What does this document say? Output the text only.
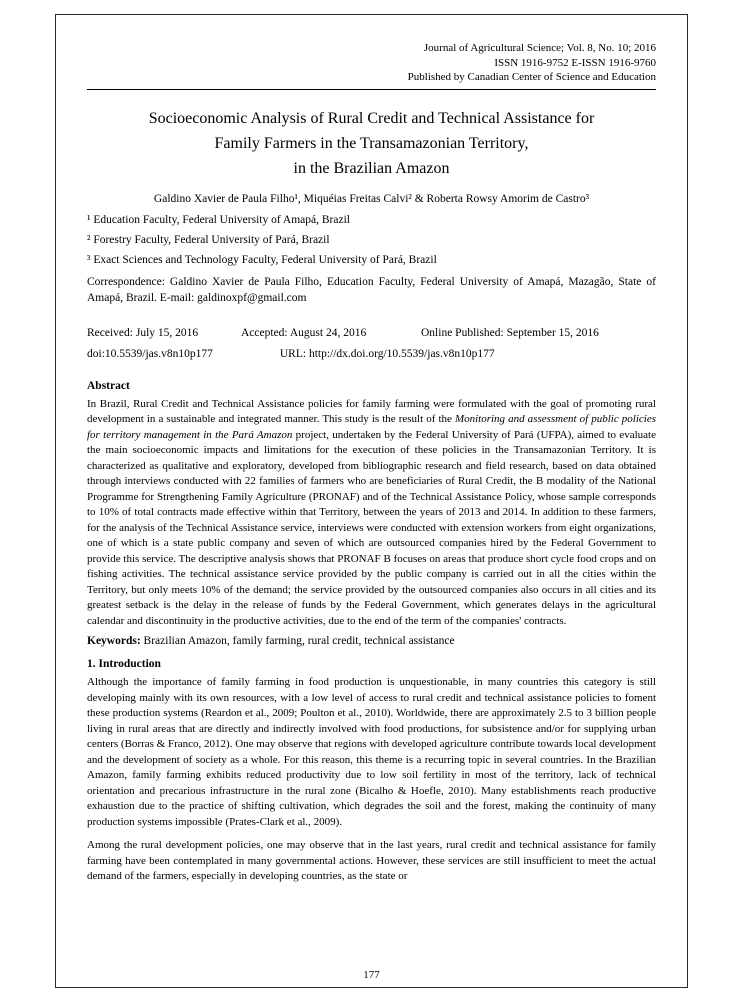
Journal of Agricultural Science; Vol. 8, No. 10; 2016
ISSN 1916-9752 E-ISSN 1916-9760
Published by Canadian Center of Science and Education
Socioeconomic Analysis of Rural Credit and Technical Assistance for
Family Farmers in the Transamazonian Territory,
in the Brazilian Amazon
Galdino Xavier de Paula Filho¹, Miquéias Freitas Calvi² & Roberta Rowsy Amorim de Castro³
¹ Education Faculty, Federal University of Amapá, Brazil
² Forestry Faculty, Federal University of Pará, Brazil
³ Exact Sciences and Technology Faculty, Federal University of Pará, Brazil

Correspondence: Galdino Xavier de Paula Filho, Education Faculty, Federal University of Amapá, Mazagão, State of Amapá, Brazil. E-mail: galdinoxpf@gmail.com

Received: July 15, 2016	Accepted: August 24, 2016	Online Published: September 15, 2016
doi:10.5539/jas.v8n10p177	URL: http://dx.doi.org/10.5539/jas.v8n10p177
Abstract

In Brazil, Rural Credit and Technical Assistance policies for family farming were formulated with the goal of promoting rural development in a sustainable and integrated manner. This study is the result of the Monitoring and assessment of public policies for territory management in the Pará Amazon project, undertaken by the Federal University of Pará (UFPA), aimed to evaluate the main socioeconomic impacts and limitations for the execution of these policies in the Transamazonian Territory. It is characterized as qualitative and exploratory, developed from bibliographic research and field research, based on data obtained through interviews conducted with 22 families of farmers who are beneficiaries of Rural Credit, the B modality of the National Programme for Strengthening Family Agriculture (PRONAF) and of the Technical Assistance Policy, whose sample corresponds to 10% of total contracts made effective within that Territory, between the years of 2013 and 2014. In addition to these farmers, for the analysis of the Technical Assistance service, interviews were conducted with extension workers from eight organizations, one of which is a state public company and seven of which are outsourced companies hired by the Federal Government to provide this service. The descriptive analysis shows that PRONAF B focuses on areas that produce short cycle food crops and on fishing activities. The technical assistance service provided by the public company is carried out in all the cities within the Territory, but only meets 10% of the demand; the service provided by the outsourced companies also occurs in all cities and its greatest setback is the delay in the release of funds by the Federal Government, which generates delays in the agricultural calendar and discontinuity in the productive activities, due to the end of the term of the companies' contracts.

Keywords: Brazilian Amazon, family farming, rural credit, technical assistance

1. Introduction

Although the importance of family farming in food production is unquestionable, in many countries this category is still developing mainly with its own resources, with a low level of access to rural credit and technical assistance policies to foment these production systems (Reardon et al., 2009; Poulton et al., 2010). Worldwide, there are approximately 2.5 to 3 billion people living in rural areas that are directly and indirectly involved with food productions, for subsistence and/or for supplying urban centers (Borras & Franco, 2012). One may observe that regions with developed agriculture contribute towards local development and the development of society as a whole. For this reason, this theme is a recurring topic in several countries. In the Brazilian Amazon, family farming exhibits reduced productivity due to low soil fertility in most of the territory, lack of technical orientation and precarious infrastructure in the rural zone (Bicalho & Hoefle, 2010). Many establishments reach productive exhaustion due to the practice of shifting cultivation, which degrades the soil and the forest, making the continuity of many production systems impossible (Prates-Clark et al., 2009).

Among the rural development policies, one may observe that in the last years, rural credit and technical assistance for family farming have been contemplated in many governmental actions. However, these services are still insufficient to meet the actual demand of the farmers, especially in developing countries, as the state or

177
